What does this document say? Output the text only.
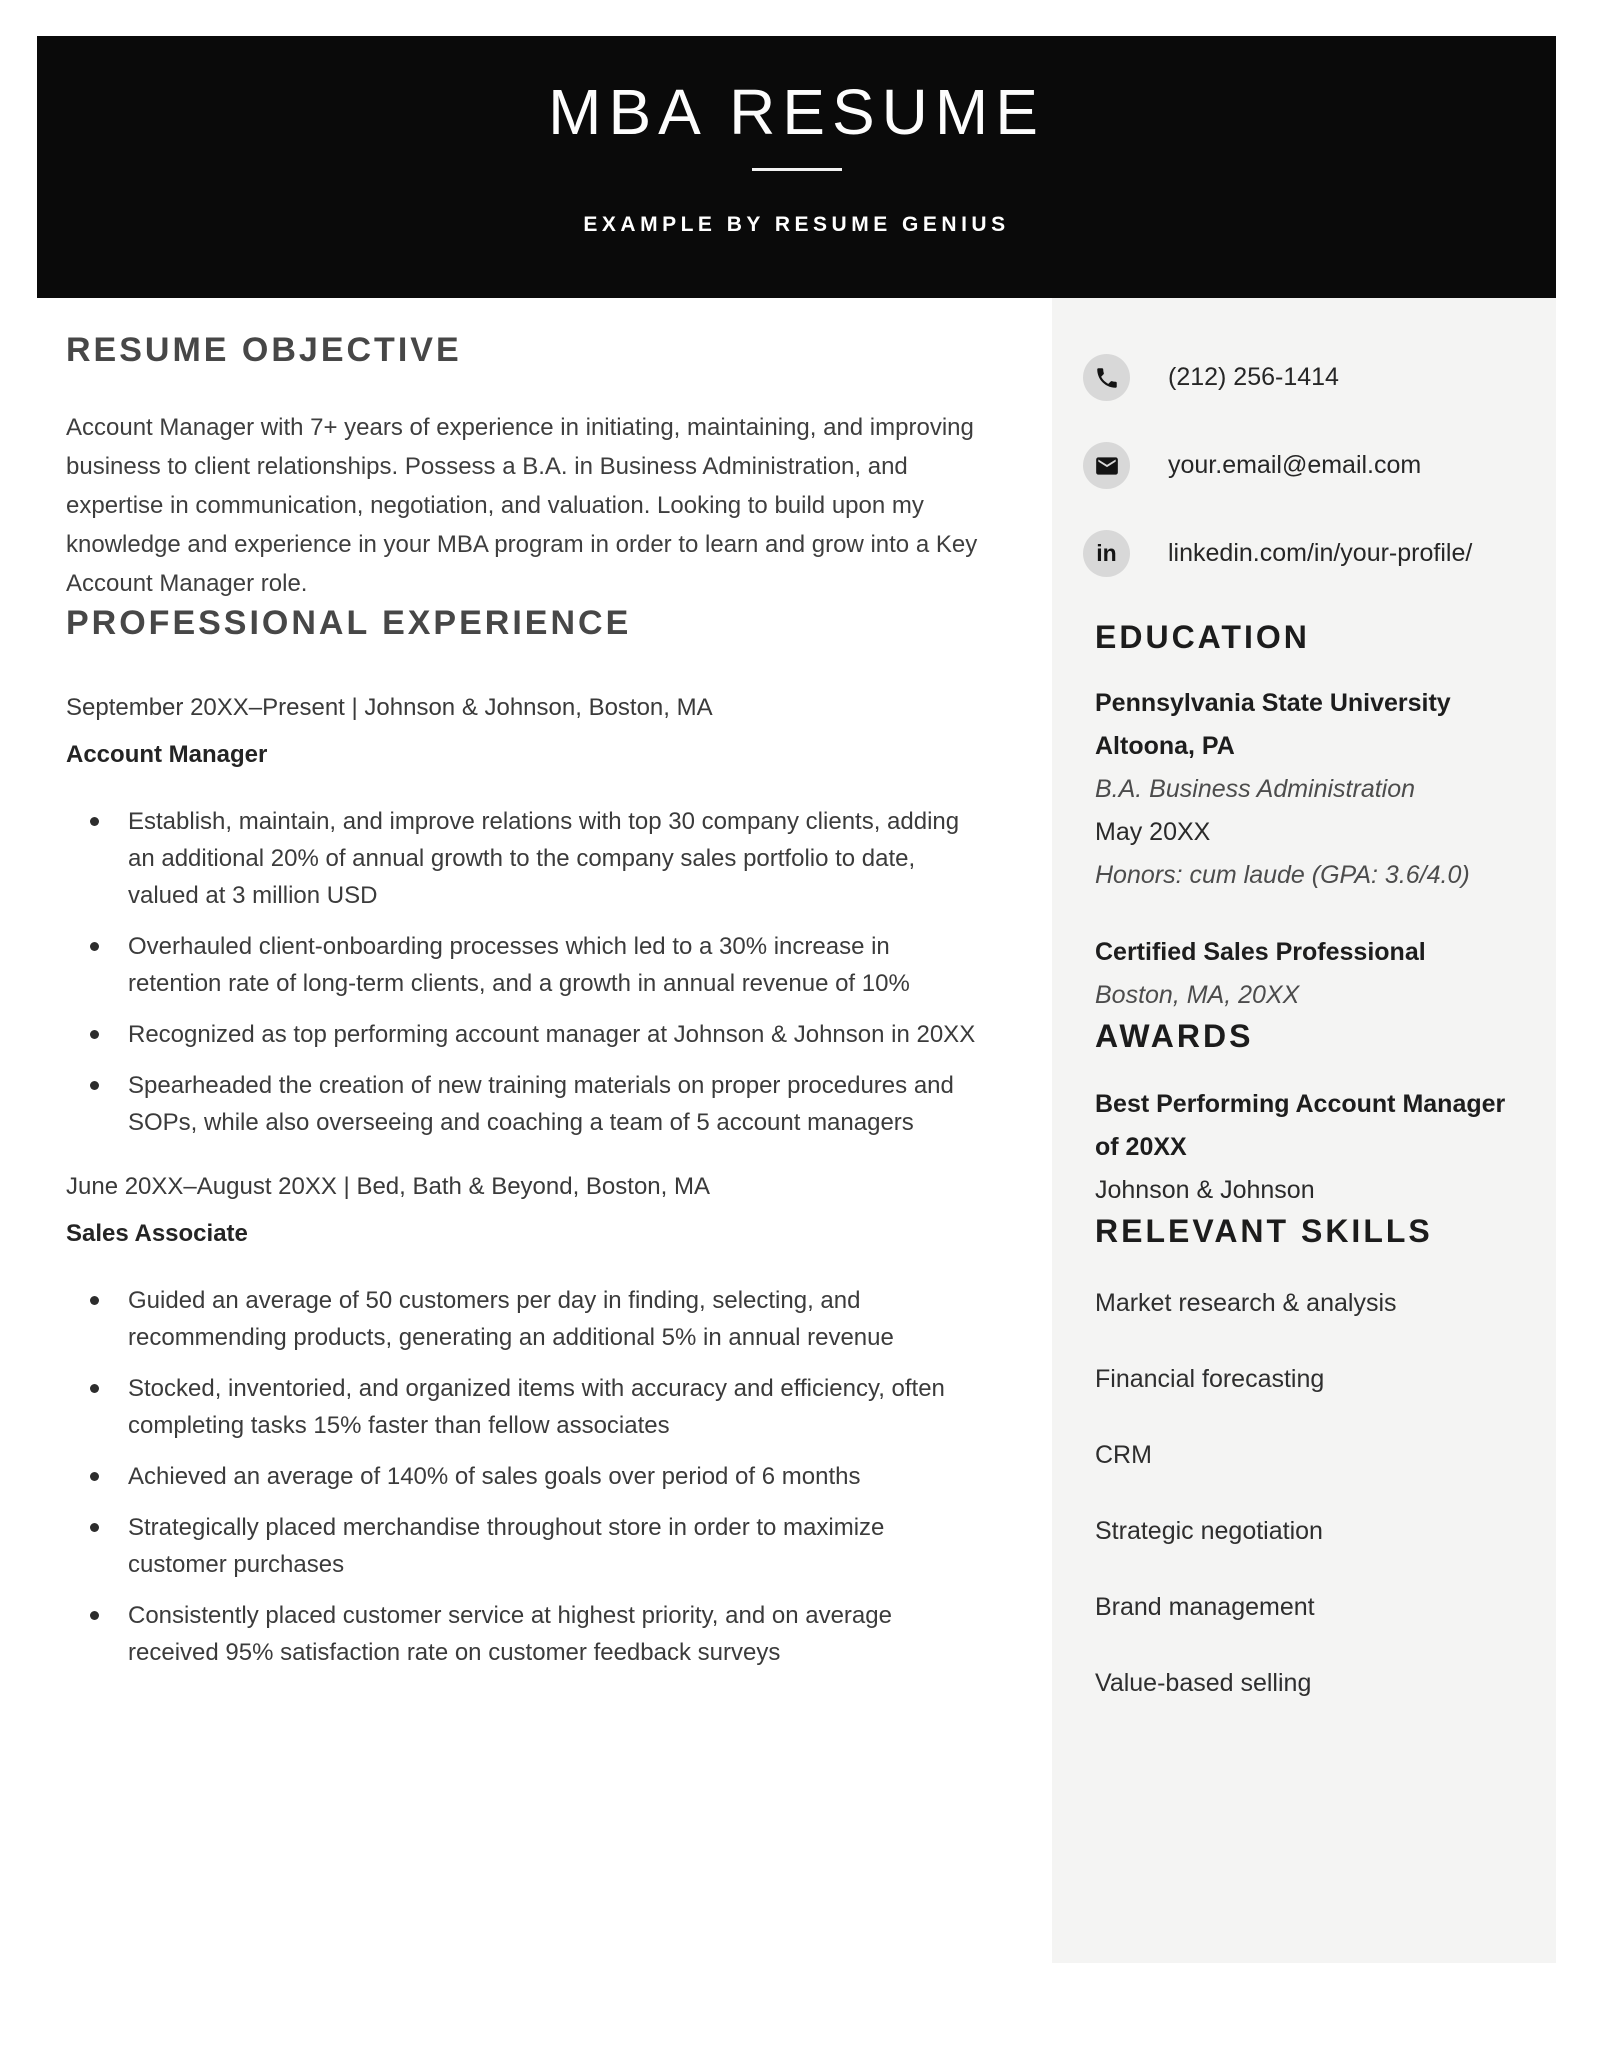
MBA RESUME
EXAMPLE BY RESUME GENIUS
RESUME OBJECTIVE

Account Manager with 7+ years of experience in initiating, maintaining, and improving business to client relationships. Possess a B.A. in Business Administration, and expertise in communication, negotiation, and valuation. Looking to build upon my knowledge and experience in your MBA program in order to learn and grow into a Key Account Manager role.

PROFESSIONAL EXPERIENCE

September 20XX–Present | Johnson & Johnson, Boston, MA

Account Manager

Establish, maintain, and improve relations with top 30 company clients, adding an additional 20% of annual growth to the company sales portfolio to date, valued at 3 million USD
Overhauled client-onboarding processes which led to a 30% increase in retention rate of long-term clients, and a growth in annual revenue of 10%
Recognized as top performing account manager at Johnson & Johnson in 20XX
Spearheaded the creation of new training materials on proper procedures and SOPs, while also overseeing and coaching a team of 5 account managers

June 20XX–August 20XX | Bed, Bath & Beyond, Boston, MA

Sales Associate

Guided an average of 50 customers per day in finding, selecting, and recommending products, generating an additional 5% in annual revenue
Stocked, inventoried, and organized items with accuracy and efficiency, often completing tasks 15% faster than fellow associates
Achieved an average of 140% of sales goals over period of 6 months
Strategically placed merchandise throughout store in order to maximize customer purchases
Consistently placed customer service at highest priority, and on average received 95% satisfaction rate on customer feedback surveys
(212) 256-1414
your.email@email.com
in linkedin.com/in/your-profile/
EDUCATION
Pennsylvania State University Altoona, PA
B.A. Business Administration
May 20XX
Honors: cum laude (GPA: 3.6/4.0)
Certified Sales Professional
Boston, MA, 20XX
AWARDS
Best Performing Account Manager of 20XX
Johnson & Johnson
RELEVANT SKILLS
Market research & analysis
Financial forecasting
CRM
Strategic negotiation
Brand management
Value-based selling
